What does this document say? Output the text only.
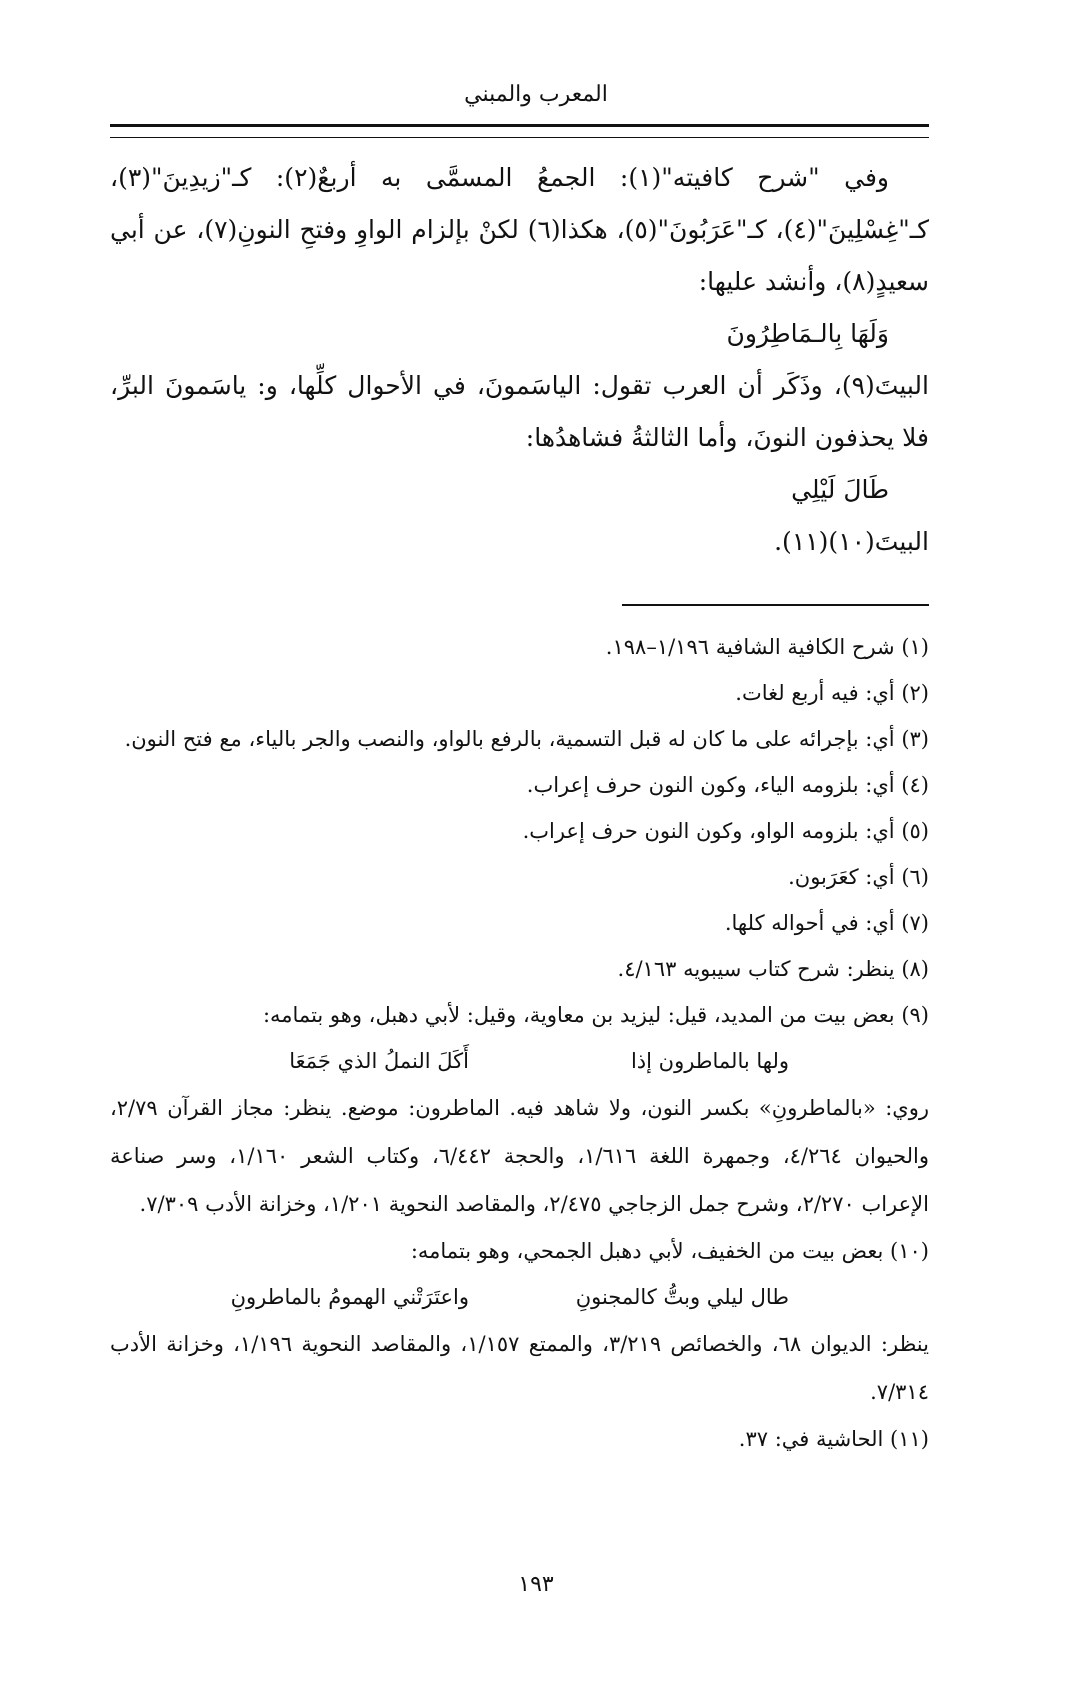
المعرب والمبني

وفي "شرح كافيته"(١): الجمعُ المسمَّى به أربعٌ(٢): كـ"زيدِينَ"(٣)، كـ"غِسْلِينَ"(٤)، كـ"عَرَبُونَ"(٥)، هكذا(٦) لكنْ بإلزام الواوِ وفتحِ النونِ(٧)، عن أبي سعيدٍ(٨)، وأنشد عليها:

وَلَهَا بِالـمَاطِرُونَ

البيتَ(٩)، وذَكَر أن العرب تقول: الياسَمونَ، في الأحوال كلِّها، و: ياسَمونَ البرِّ، فلا يحذفون النونَ، وأما الثالثةُ فشاهدُها:

طَالَ لَيْلِي

البيتَ(١٠)(١١).

(١) شرح الكافية الشافية ١/١٩٦–١٩٨.

(٢) أي: فيه أربع لغات.

(٣) أي: بإجرائه على ما كان له قبل التسمية، بالرفع بالواو، والنصب والجر بالياء، مع فتح النون.

(٤) أي: بلزومه الياء، وكون النون حرف إعراب.

(٥) أي: بلزومه الواو، وكون النون حرف إعراب.

(٦) أي: كعَرَبون.

(٧) أي: في أحواله كلها.

(٨) ينظر: شرح كتاب سيبويه ٤/١٦٣.

(٩) بعض بيت من المديد، قيل: ليزيد بن معاوية، وقيل: لأبي دهبل، وهو بتمامه:

ولها بالماطرون إذا
أَكَلَ النملُ الذي جَمَعَا

روي: «بالماطرونِ» بكسر النون، ولا شاهد فيه. الماطرون: موضع. ينظر: مجاز القرآن ٢/٧٩، والحيوان ٤/٢٦٤، وجمهرة اللغة ١/٦١٦، والحجة ٦/٤٤٢، وكتاب الشعر ١/١٦٠، وسر صناعة الإعراب ٢/٢٧٠، وشرح جمل الزجاجي ٢/٤٧٥، والمقاصد النحوية ١/٢٠١، وخزانة الأدب ٧/٣٠٩.

(١٠) بعض بيت من الخفيف، لأبي دهبل الجمحي، وهو بتمامه:

طال ليلي وبتُّ كالمجنونِ
واعتَرَتْني الهمومُ بالماطرونِ

ينظر: الديوان ٦٨، والخصائص ٣/٢١٩، والممتع ١/١٥٧، والمقاصد النحوية ١/١٩٦، وخزانة الأدب ٧/٣١٤.

(١١) الحاشية في: ٣٧.

١٩٣
